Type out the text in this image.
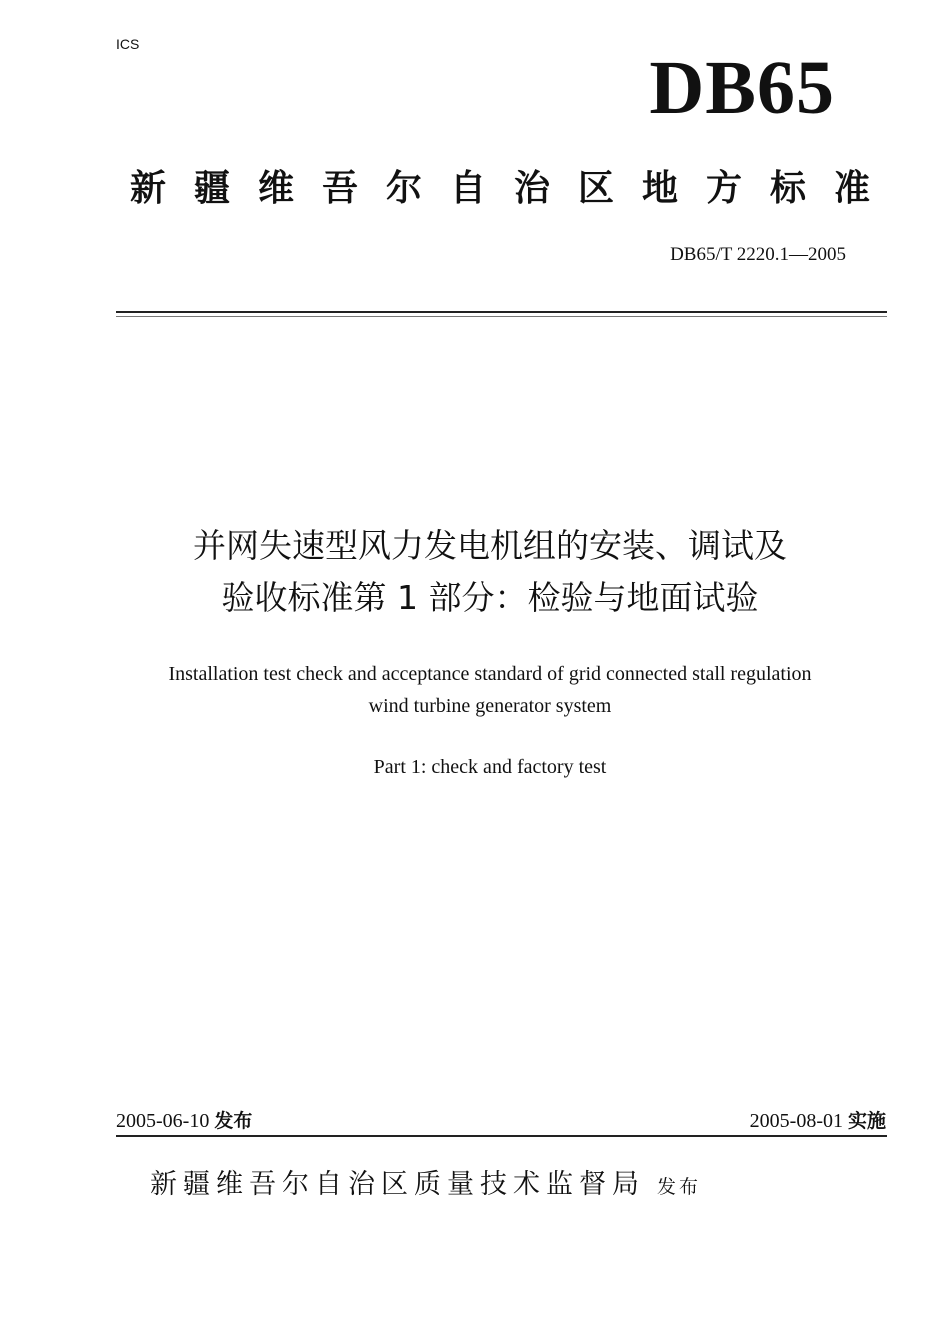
ICS
DB65
新疆维吾尔自治区地方标准
DB65/T 2220.1—2005
并网失速型风力发电机组的安装、调试及
验收标准第 1 部分：检验与地面试验
Installation test check and acceptance standard of grid connected stall regulation
wind turbine generator system
Part 1: check and factory test
2005-06-10 发布	2005-08-01 实施
新疆维吾尔自治区质量技术监督局 发布
